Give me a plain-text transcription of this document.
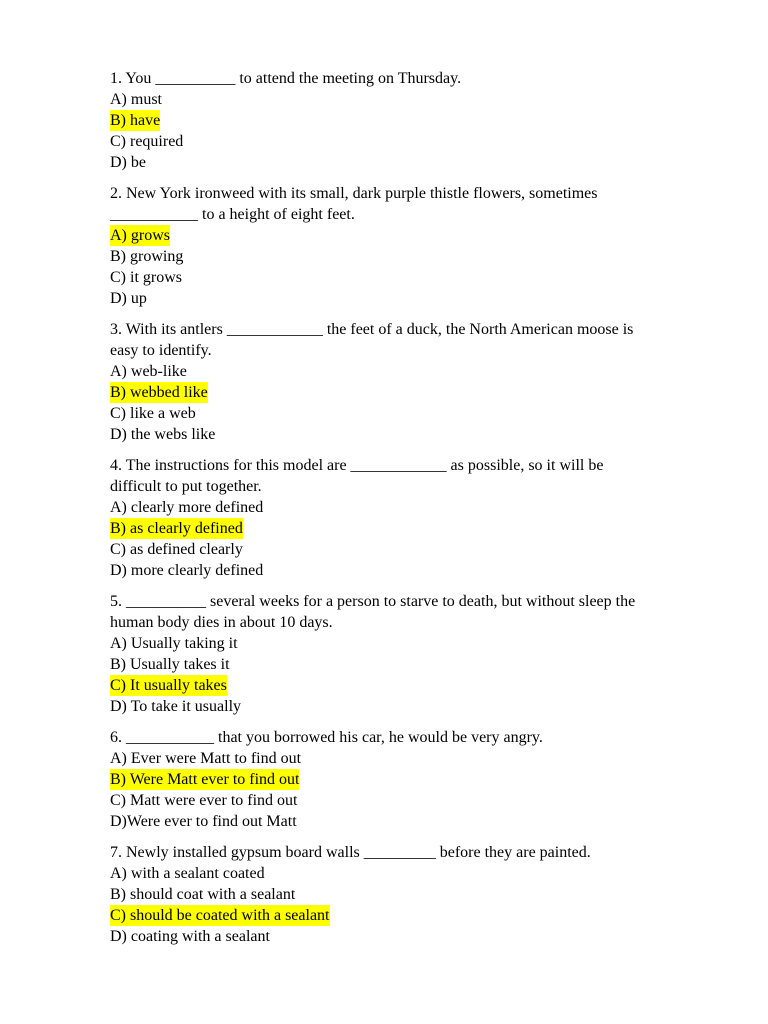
1. You __________ to attend the meeting on Thursday.
A) must
B) have
C) required
D) be
2. New York ironweed with its small, dark purple thistle flowers, sometimes
___________ to a height of eight feet.
A) grows
B) growing
C) it grows
D) up
3. With its antlers ____________ the feet of a duck, the North American moose is
easy to identify.
A) web-like
B) webbed like
C) like a web
D) the webs like
4. The instructions for this model are ____________ as possible, so it will be
difficult to put together.
A) clearly more defined
B) as clearly defined
C) as defined clearly
D) more clearly defined
5. __________ several weeks for a person to starve to death, but without sleep the
human body dies in about 10 days.
A) Usually taking it
B) Usually takes it
C) It usually takes
D) To take it usually
6. ___________ that you borrowed his car, he would be very angry.
A) Ever were Matt to find out
B) Were Matt ever to find out
C) Matt were ever to find out
D)Were ever to find out Matt
7. Newly installed gypsum board walls _________ before they are painted.
A) with a sealant coated
B) should coat with a sealant
C) should be coated with a sealant
D) coating with a sealant
